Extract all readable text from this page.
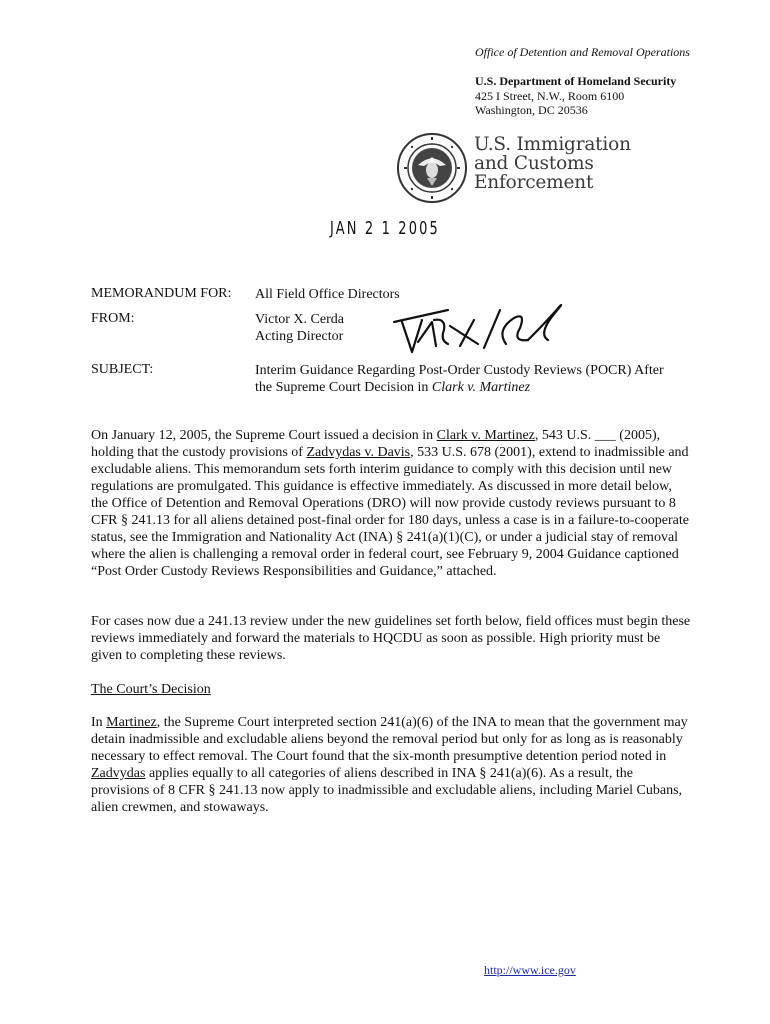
Office of Detention and Removal Operations
U.S. Department of Homeland Security
425 I Street, N.W., Room 6100
Washington, DC 20536
U.S. Immigration
and Customs
Enforcement
JAN 2 1 2005
MEMORANDUM FOR: All Field Office Directors
FROM:	Victor X. Cerda
Acting Director
SUBJECT:	Interim Guidance Regarding Post-Order Custody Reviews (POCR) After
the Supreme Court Decision in Clark v. Martinez
On January 12, 2005, the Supreme Court issued a decision in Clark v. Martinez, 543 U.S. ___ (2005), holding that the custody provisions of Zadvydas v. Davis, 533 U.S. 678 (2001), extend to inadmissible and excludable aliens. This memorandum sets forth interim guidance to comply with this decision until new regulations are promulgated. This guidance is effective immediately. As discussed in more detail below, the Office of Detention and Removal Operations (DRO) will now provide custody reviews pursuant to 8 CFR § 241.13 for all aliens detained post-final order for 180 days, unless a case is in a failure-to-cooperate status, see the Immigration and Nationality Act (INA) § 241(a)(1)(C), or under a judicial stay of removal where the alien is challenging a removal order in federal court, see February 9, 2004 Guidance captioned “Post Order Custody Reviews Responsibilities and Guidance,” attached.
For cases now due a 241.13 review under the new guidelines set forth below, field offices must begin these reviews immediately and forward the materials to HQCDU as soon as possible. High priority must be given to completing these reviews.
The Court’s Decision
In Martinez, the Supreme Court interpreted section 241(a)(6) of the INA to mean that the government may detain inadmissible and excludable aliens beyond the removal period but only for as long as is reasonably necessary to effect removal. The Court found that the six-month presumptive detention period noted in Zadvydas applies equally to all categories of aliens described in INA § 241(a)(6). As a result, the provisions of 8 CFR § 241.13 now apply to inadmissible and excludable aliens, including Mariel Cubans, alien crewmen, and stowaways.
http://www.ice.gov
